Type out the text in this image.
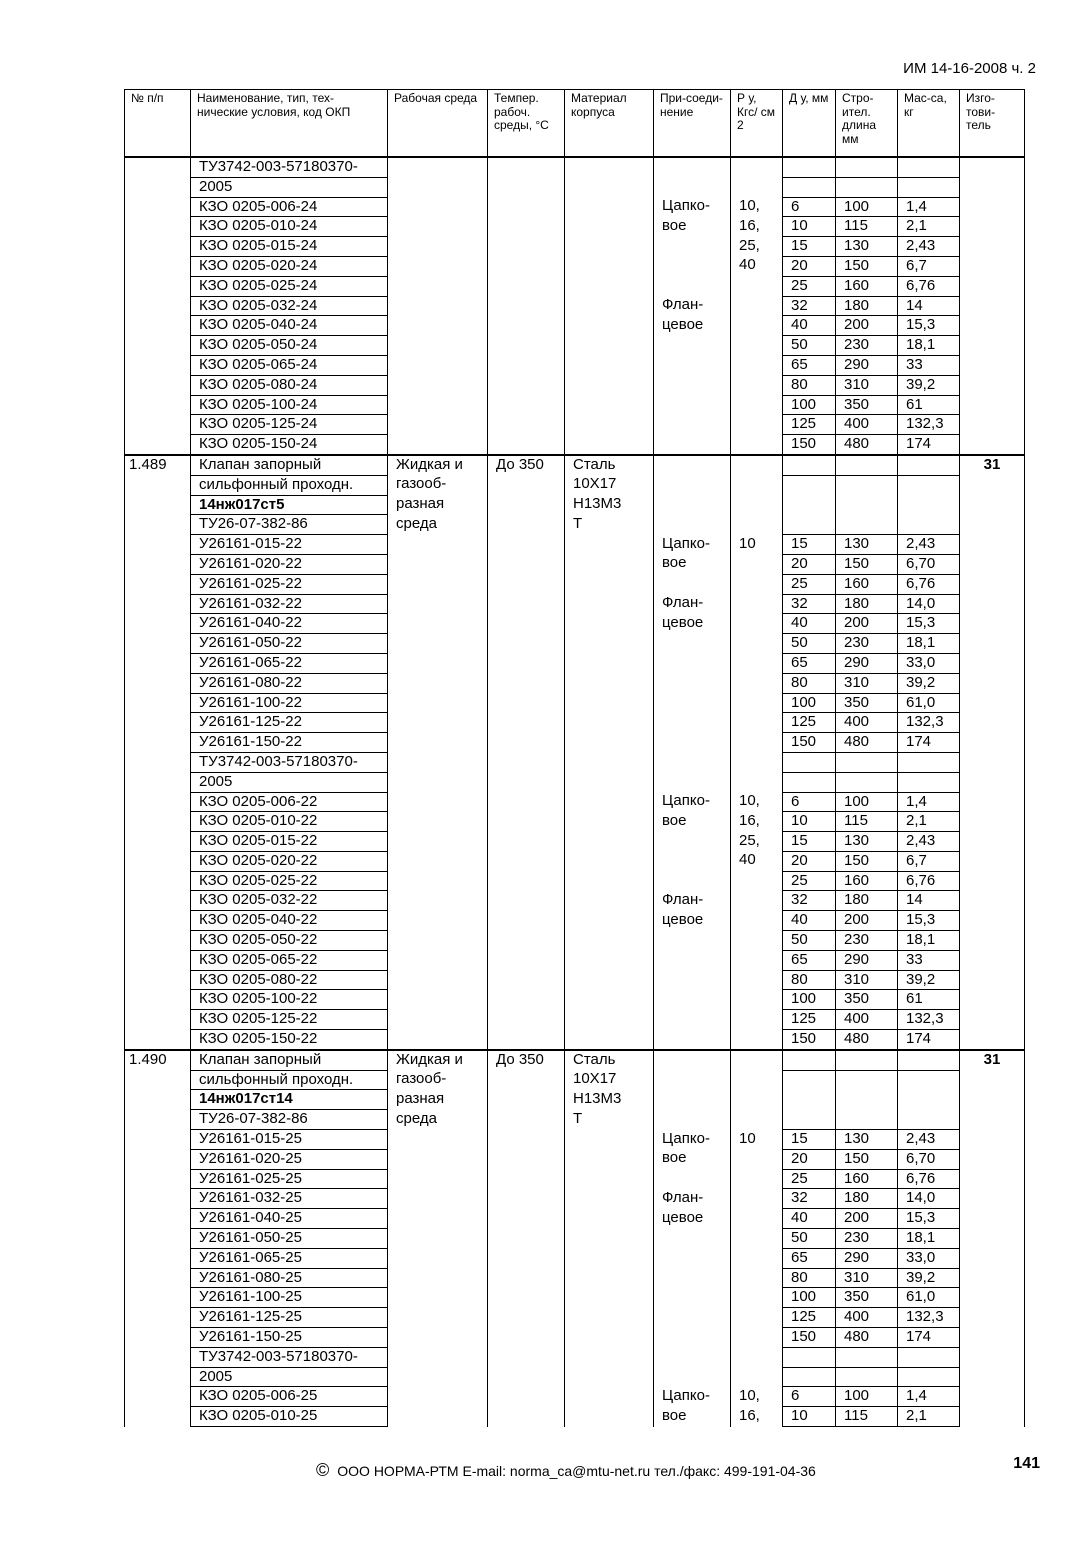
ИМ 14-16-2008 ч. 2
№ п/п	Наименование, тип, тех-нические условия, код ОКП	Рабочая среда	Темпер. рабоч. среды, °С	Материал корпуса	При-соеди-нение	Р у, Кгс/ см 2	Д у, мм	Стро-ител. длина мм	Мас-са, кг	Изго-тови-тель
	ТУ3742-003-57180370-									
	2005									
	КЗО 0205-006-24				Цапко-	10,	6	100	1,4	
	КЗО 0205-010-24				вое	16,	10	115	2,1	
	КЗО 0205-015-24					25,	15	130	2,43	
	КЗО 0205-020-24					40	20	150	6,7	
	КЗО 0205-025-24						25	160	6,76	
	КЗО 0205-032-24				Флан-		32	180	14	
	КЗО 0205-040-24				цевое		40	200	15,3	
	КЗО 0205-050-24						50	230	18,1	
	КЗО 0205-065-24						65	290	33	
	КЗО 0205-080-24						80	310	39,2	
	КЗО 0205-100-24						100	350	61	
	КЗО 0205-125-24						125	400	132,3	
	КЗО 0205-150-24						150	480	174	
1.489	Клапан запорный	Жидкая и	До 350	Сталь						31
	сильфонный проходн.	газооб-		10Х17						
	14нж017ст5	разная		Н13М3						
	ТУ26-07-382-86	среда		Т						
	У26161-015-22				Цапко-	10	15	130	2,43	
	У26161-020-22				вое		20	150	6,70	
	У26161-025-22						25	160	6,76	
	У26161-032-22				Флан-		32	180	14,0	
	У26161-040-22				цевое		40	200	15,3	
	У26161-050-22						50	230	18,1	
	У26161-065-22						65	290	33,0	
	У26161-080-22						80	310	39,2	
	У26161-100-22						100	350	61,0	
	У26161-125-22						125	400	132,3	
	У26161-150-22						150	480	174	
	ТУ3742-003-57180370-									
	2005									
	КЗО 0205-006-22				Цапко-	10,	6	100	1,4	
	КЗО 0205-010-22				вое	16,	10	115	2,1	
	КЗО 0205-015-22					25,	15	130	2,43	
	КЗО 0205-020-22					40	20	150	6,7	
	КЗО 0205-025-22						25	160	6,76	
	КЗО 0205-032-22				Флан-		32	180	14	
	КЗО 0205-040-22				цевое		40	200	15,3	
	КЗО 0205-050-22						50	230	18,1	
	КЗО 0205-065-22						65	290	33	
	КЗО 0205-080-22						80	310	39,2	
	КЗО 0205-100-22						100	350	61	
	КЗО 0205-125-22						125	400	132,3	
	КЗО 0205-150-22						150	480	174	
1.490	Клапан запорный	Жидкая и	До 350	Сталь						31
	сильфонный проходн.	газооб-		10Х17						
	14нж017ст14	разная		Н13М3						
	ТУ26-07-382-86	среда		Т						
	У26161-015-25				Цапко-	10	15	130	2,43	
	У26161-020-25				вое		20	150	6,70	
	У26161-025-25						25	160	6,76	
	У26161-032-25				Флан-		32	180	14,0	
	У26161-040-25				цевое		40	200	15,3	
	У26161-050-25						50	230	18,1	
	У26161-065-25						65	290	33,0	
	У26161-080-25						80	310	39,2	
	У26161-100-25						100	350	61,0	
	У26161-125-25						125	400	132,3	
	У26161-150-25						150	480	174	
	ТУ3742-003-57180370-									
	2005									
	КЗО 0205-006-25				Цапко-	10,	6	100	1,4	
	КЗО 0205-010-25				вое	16,	10	115	2,1	
© ООО НОРМА-РТМ E-mail: norma_ca@mtu-net.ru тел./факс: 499-191-04-36	141
